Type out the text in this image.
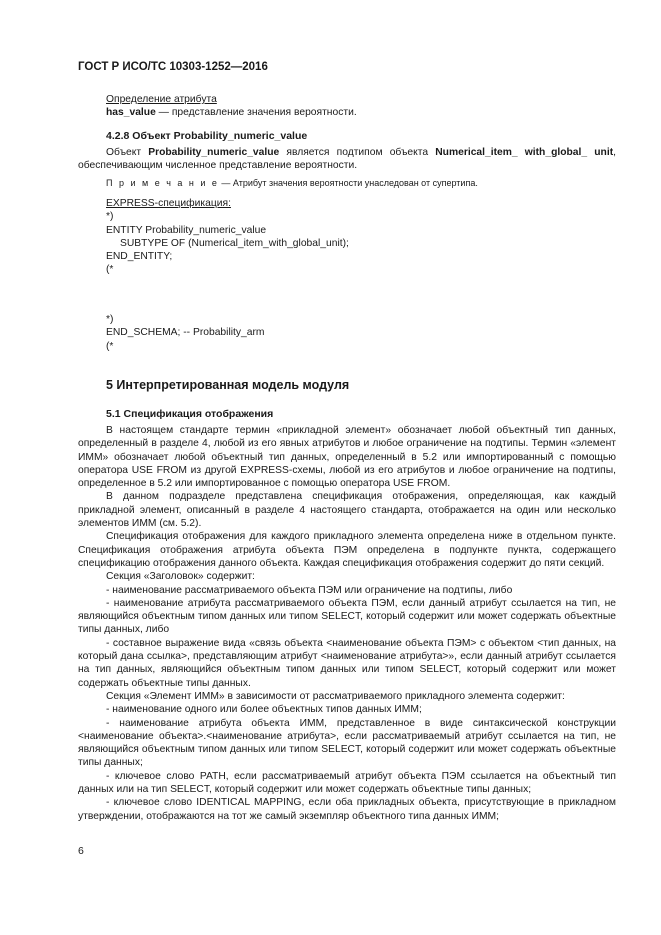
ГОСТ Р ИСО/ТС 10303-1252—2016

Определение атрибута

has_value — представление значения вероятности.

4.2.8 Объект Probability_numeric_value

Объект Probability_numeric_value является подтипом объекта Numerical_item_ with_global_ unit, обеспечивающим численное представление вероятности.

П р и м е ч а н и е — Атрибут значения вероятности унаследован от супертипа.

EXPRESS-спецификация:

*)

ENTITY Probability_numeric_value

SUBTYPE OF (Numerical_item_with_global_unit);

END_ENTITY;

(*

*)

END_SCHEMA; -- Probability_arm

(*

5 Интерпретированная модель модуля
5.1 Спецификация отображения

В настоящем стандарте термин «прикладной элемент» обозначает любой объектный тип данных, определенный в разделе 4, любой из его явных атрибутов и любое ограничение на подтипы. Термин «элемент ИММ» обозначает любой объектный тип данных, определенный в 5.2 или импортированный с помощью оператора USE FROM из другой EXPRESS-схемы, любой из его атрибутов и любое ограничение на подтипы, определенное в 5.2 или импортированное с помощью оператора USE FROM.

В данном подразделе представлена спецификация отображения, определяющая, как каждый прикладной элемент, описанный в разделе 4 настоящего стандарта, отображается на один или несколько элементов ИММ (см. 5.2).

Спецификация отображения для каждого прикладного элемента определена ниже в отдельном пункте. Спецификация отображения атрибута объекта ПЭМ определена в подпункте пункта, содержащего спецификацию отображения данного объекта. Каждая спецификация отображения содержит до пяти секций.

Секция «Заголовок» содержит:

- наименование рассматриваемого объекта ПЭМ или ограничение на подтипы, либо

- наименование атрибута рассматриваемого объекта ПЭМ, если данный атрибут ссылается на тип, не являющийся объектным типом данных или типом SELECT, который содержит или может содержать объектные типы данных, либо

- составное выражение вида «связь объекта <наименование объекта ПЭМ> с объектом <тип данных, на который дана ссылка>, представляющим атрибут <наименование атрибута>», если данный атрибут ссылается на тип данных, являющийся объектным типом данных или типом SELECT, который содержит или может содержать объектные типы данных.

Секция «Элемент ИММ» в зависимости от рассматриваемого прикладного элемента содержит:

- наименование одного или более объектных типов данных ИММ;

- наименование атрибута объекта ИММ, представленное в виде синтаксической конструкции <наименование объекта>.<наименование атрибута>, если рассматриваемый атрибут ссылается на тип, не являющийся объектным типом данных или типом SELECT, который содержит или может содержать объектные типы данных;

- ключевое слово PATH, если рассматриваемый атрибут объекта ПЭМ ссылается на объектный тип данных или на тип SELECT, который содержит или может содержать объектные типы данных;

- ключевое слово IDENTICAL MAPPING, если оба прикладных объекта, присутствующие в прикладном утверждении, отображаются на тот же самый экземпляр объектного типа данных ИММ;

6
